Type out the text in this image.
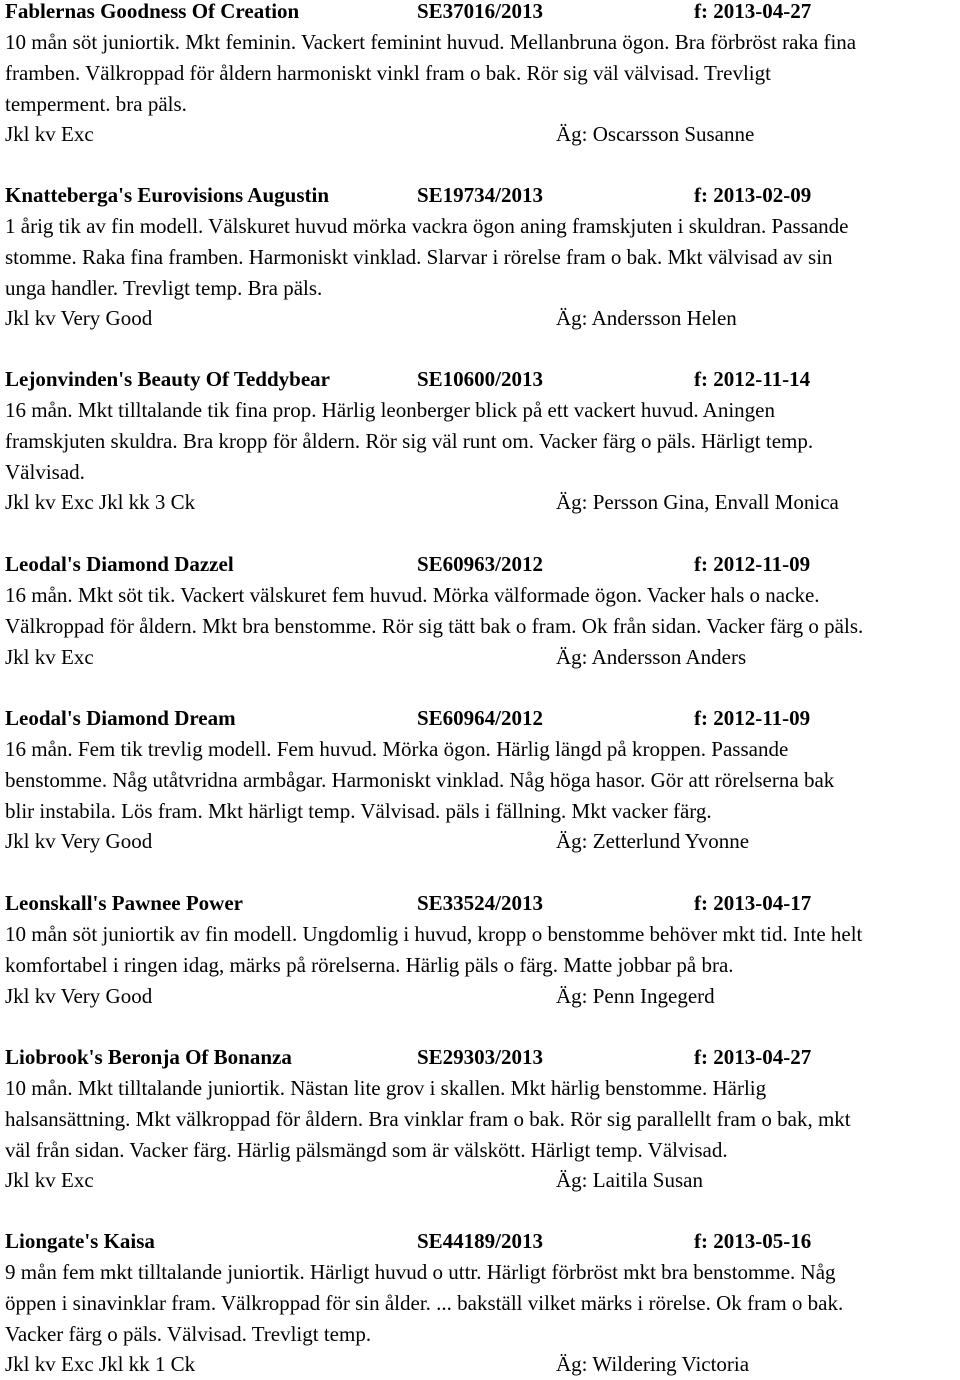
Fablernas Goodness Of Creation	SE37016/2013	f: 2013-04-27
10 mån söt juniortik. Mkt feminin. Vackert feminint huvud. Mellanbruna ögon. Bra förbröst raka fina
framben. Välkroppad för åldern harmoniskt vinkl fram o bak. Rör sig väl välvisad. Trevligt
temperment. bra päls.
Jkl kv Exc	Äg: Oscarsson Susanne
Knatteberga's Eurovisions Augustin	SE19734/2013	f: 2013-02-09
1 årig tik av fin modell. Välskuret huvud mörka vackra ögon aning framskjuten i skuldran. Passande
stomme. Raka fina framben. Harmoniskt vinklad. Slarvar i rörelse fram o bak. Mkt välvisad av sin
unga handler. Trevligt temp. Bra päls.
Jkl kv Very Good	Äg: Andersson Helen
Lejonvinden's Beauty Of Teddybear	SE10600/2013	f: 2012-11-14
16 mån. Mkt tilltalande tik fina prop. Härlig leonberger blick på ett vackert huvud. Aningen
framskjuten skuldra. Bra kropp för åldern. Rör sig väl runt om. Vacker färg o päls. Härligt temp.
Välvisad.
Jkl kv Exc Jkl kk 3 Ck	Äg: Persson Gina, Envall Monica
Leodal's Diamond Dazzel	SE60963/2012	f: 2012-11-09
16 mån. Mkt söt tik. Vackert välskuret fem huvud. Mörka välformade ögon. Vacker hals o nacke.
Välkroppad för åldern. Mkt bra benstomme. Rör sig tätt bak o fram. Ok från sidan. Vacker färg o päls.
Jkl kv Exc	Äg: Andersson Anders
Leodal's Diamond Dream	SE60964/2012	f: 2012-11-09
16 mån. Fem tik trevlig modell. Fem huvud. Mörka ögon. Härlig längd på kroppen. Passande
benstomme. Någ utåtvridna armbågar. Harmoniskt vinklad. Någ höga hasor. Gör att rörelserna bak
blir instabila. Lös fram. Mkt härligt temp. Välvisad. päls i fällning. Mkt vacker färg.
Jkl kv Very Good	Äg: Zetterlund Yvonne
Leonskall's Pawnee Power	SE33524/2013	f: 2013-04-17
10 mån söt juniortik av fin modell. Ungdomlig i huvud, kropp o benstomme behöver mkt tid. Inte helt
komfortabel i ringen idag, märks på rörelserna. Härlig päls o färg. Matte jobbar på bra.
Jkl kv Very Good	Äg: Penn Ingegerd
Liobrook's Beronja Of Bonanza	SE29303/2013	f: 2013-04-27
10 mån. Mkt tilltalande juniortik. Nästan lite grov i skallen. Mkt härlig benstomme. Härlig
halsansättning. Mkt välkroppad för åldern. Bra vinklar fram o bak. Rör sig parallellt fram o bak, mkt
väl från sidan. Vacker färg. Härlig pälsmängd som är välskött. Härligt temp. Välvisad.
Jkl kv Exc	Äg: Laitila Susan
Liongate's Kaisa	SE44189/2013	f: 2013-05-16
9 mån fem mkt tilltalande juniortik. Härligt huvud o uttr. Härligt förbröst mkt bra benstomme. Någ
öppen i sinavinklar fram. Välkroppad för sin ålder. ... bakställ vilket märks i rörelse. Ok fram o bak.
Vacker färg o päls. Välvisad. Trevligt temp.
Jkl kv Exc Jkl kk 1 Ck	Äg: Wildering Victoria
